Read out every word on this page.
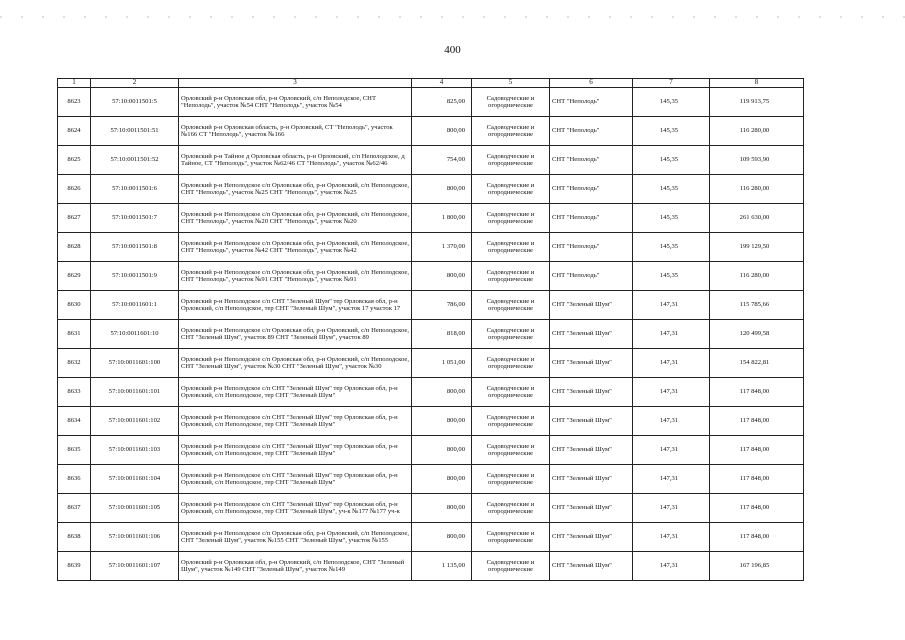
400
1	2	3	4	5	6	7	8
8623	57:10:0011501:5	Орловский р-н Орловская обл, р-н Орловский, с/п Неполодское, СНТ "Неполодь", участок №54 СНТ "Неполодь", участок №54	825,00	Садоводческие и огороднические	СНТ "Неполодь"	145,35	119 913,75
8624	57:10:0011501:51	Орловский р-н Орловская область, р-н Орловский, СТ "Неполодь", участок №166 СТ "Неполодь", участок №166	800,00	Садоводческие и огороднические	СНТ "Неполодь"	145,35	116 280,00
8625	57:10:0011501:52	Орловский р-н Тайное д Орловская область, р-н Орловский, с/п Неполодское, д Тайное, СТ "Неполодь", участок №62/46 СТ "Неполодь", участок №62/46	754,00	Садоводческие и огороднические	СНТ "Неполодь"	145,35	109 593,90
8626	57:10:0011501:6	Орловский р-н Неполодское с/п Орловская обл, р-н Орловский, с/п Неполодское, СНТ "Неполодь", участок №25 СНТ "Неполодь", участок №25	800,00	Садоводческие и огороднические	СНТ "Неполодь"	145,35	116 280,00
8627	57:10:0011501:7	Орловский р-н Неполодское с/п Орловская обл, р-н Орловский, с/п Неполодское, СНТ "Неполодь", участок №20 СНТ "Неполодь", участок №20	1 800,00	Садоводческие и огороднические	СНТ "Неполодь"	145,35	261 630,00
8628	57:10:0011501:8	Орловский р-н Неполодское с/п Орловская обл, р-н Орловский, с/п Неполодское, СНТ "Неполодь", участок №42 СНТ "Неполодь", участок №42	1 370,00	Садоводческие и огороднические	СНТ "Неполодь"	145,35	199 129,50
8629	57:10:0011501:9	Орловский р-н Неполодское с/п Орловская обл, р-н Орловский, с/п Неполодское, СНТ "Неполодь", участок №91 СНТ "Неполодь", участок №91	800,00	Садоводческие и огороднические	СНТ "Неполодь"	145,35	116 280,00
8630	57:10:0011601:1	Орловский р-н Неполодское с/п СНТ "Зеленый Шум" тер Орловская обл, р-н Орловский, с/п Неполодское, тер СНТ "Зеленый Шум", участок 17 участок 17	786,00	Садоводческие и огороднические	СНТ "Зеленый Шум"	147,31	115 785,66
8631	57:10:0011601:10	Орловский р-н Неполодское с/п Орловская обл, р-н Орловский, с/п Неполодское, СНТ "Зеленый Шум", участок 89 СНТ "Зеленый Шум", участок 89	818,00	Садоводческие и огороднические	СНТ "Зеленый Шум"	147,31	120 499,58
8632	57:10:0011601:100	Орловский р-н Неполодское с/п Орловская обл, р-н Орловский, с/п Неполодское, СНТ "Зеленый Шум", участок №30 СНТ "Зеленый Шум", участок №30	1 051,00	Садоводческие и огороднические	СНТ "Зеленый Шум"	147,31	154 822,81
8633	57:10:0011601:101	Орловский р-н Неполодское с/п СНТ "Зеленый Шум" тер Орловская обл, р-н Орловский, с/п Неполодское, тер СНТ "Зеленый Шум"	800,00	Садоводческие и огороднические	СНТ "Зеленый Шум"	147,31	117 848,00
8634	57:10:0011601:102	Орловский р-н Неполодское с/п СНТ "Зеленый Шум" тер Орловская обл, р-н Орловский, с/п Неполодское, тер СНТ "Зеленый Шум"	800,00	Садоводческие и огороднические	СНТ "Зеленый Шум"	147,31	117 848,00
8635	57:10:0011601:103	Орловский р-н Неполодское с/п СНТ "Зеленый Шум" тер Орловская обл, р-н Орловский, с/п Неполодское, тер СНТ "Зеленый Шум"	800,00	Садоводческие и огороднические	СНТ "Зеленый Шум"	147,31	117 848,00
8636	57:10:0011601:104	Орловский р-н Неполодское с/п СНТ "Зеленый Шум" тер Орловская обл, р-н Орловский, с/п Неполодское, тер СНТ "Зеленый Шум"	800,00	Садоводческие и огороднические	СНТ "Зеленый Шум"	147,31	117 848,00
8637	57:10:0011601:105	Орловский р-н Неполодское с/п СНТ "Зеленый Шум" тер Орловская обл, р-н Орловский, с/п Неполодское, тер СНТ "Зеленый Шум", уч-к №177 №177 уч-к	800,00	Садоводческие и огороднические	СНТ "Зеленый Шум"	147,31	117 848,00
8638	57:10:0011601:106	Орловский р-н Неполодское с/п Орловская обл, р-н Орловский, с/п Неполодское, СНТ "Зеленый Шум", участок №155 СНТ "Зеленый Шум", участок №155	800,00	Садоводческие и огороднические	СНТ "Зеленый Шум"	147,31	117 848,00
8639	57:10:0011601:107	Орловский р-н Орловская обл, р-н Орловский, с/п Неполодское, СНТ "Зеленый Шум", участок №149 СНТ "Зеленый Шум", участок №149	1 135,00	Садоводческие и огороднические	СНТ "Зеленый Шум"	147,31	167 196,85
